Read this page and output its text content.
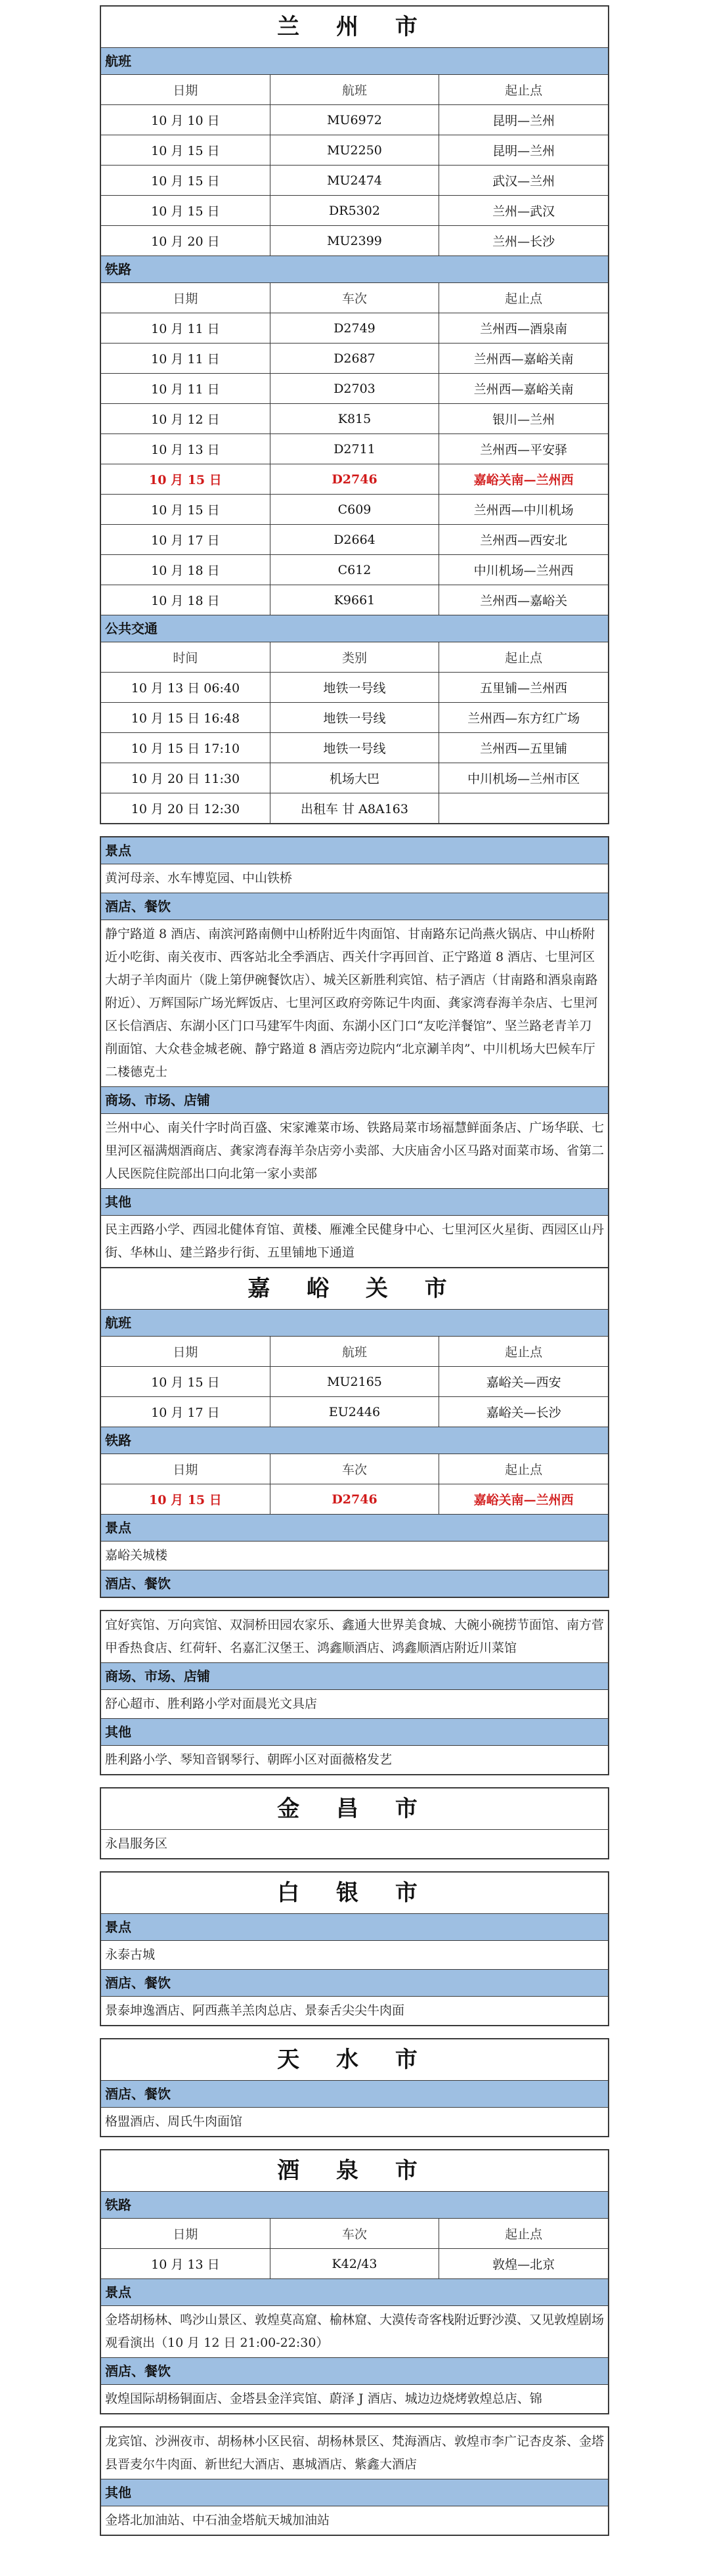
兰 州 市
航班
日期	航班	起止点
10 月 10 日	MU6972	昆明—兰州
10 月 15 日	MU2250	昆明—兰州
10 月 15 日	MU2474	武汉—兰州
10 月 15 日	DR5302	兰州—武汉
10 月 20 日	MU2399	兰州—长沙
铁路
日期	车次	起止点
10 月 11 日	D2749	兰州西—酒泉南
10 月 11 日	D2687	兰州西—嘉峪关南
10 月 11 日	D2703	兰州西—嘉峪关南
10 月 12 日	K815	银川—兰州
10 月 13 日	D2711	兰州西—平安驿
10 月 15 日	D2746	嘉峪关南—兰州西
10 月 15 日	C609	兰州西—中川机场
10 月 17 日	D2664	兰州西—西安北
10 月 18 日	C612	中川机场—兰州西
10 月 18 日	K9661	兰州西—嘉峪关
公共交通
时间	类别	起止点
10 月 13 日 06:40	地铁一号线	五里铺—兰州西
10 月 15 日 16:48	地铁一号线	兰州西—东方红广场
10 月 15 日 17:10	地铁一号线	兰州西—五里铺
10 月 20 日 11:30	机场大巴	中川机场—兰州市区
10 月 20 日 12:30	出租车 甘 A8A163	
景点
黄河母亲、水车博览园、中山铁桥
酒店、餐饮
静宁路道 8 酒店、南滨河路南侧中山桥附近牛肉面馆、甘南路东记尚燕火锅店、中山桥附近小吃街、南关夜市、西客站北全季酒店、西关什字再回首、正宁路道 8 酒店、七里河区大胡子羊肉面片（陇上第伊碗餐饮店）、城关区新胜利宾馆、桔子酒店（甘南路和酒泉南路附近）、万辉国际广场光辉饭店、七里河区政府旁陈记牛肉面、龚家湾春海羊杂店、七里河区长信酒店、东湖小区门口马建军牛肉面、东湖小区门口“友吃洋餐馆”、坚兰路老青羊刀削面馆、大众巷金城老碗、静宁路道 8 酒店旁边院内“北京涮羊肉”、中川机场大巴候车厅二楼德克士
商场、市场、店铺
兰州中心、南关什字时尚百盛、宋家滩菜市场、铁路局菜市场福慧鲜面条店、广场华联、七里河区福满烟酒商店、龚家湾春海羊杂店旁小卖部、大庆庙舍小区马路对面菜市场、省第二人民医院住院部出口向北第一家小卖部
其他
民主西路小学、西园北健体育馆、黄楼、雁滩全民健身中心、七里河区火星街、西园区山丹街、华林山、建兰路步行街、五里铺地下通道
嘉 峪 关 市
航班
日期	航班	起止点
10 月 15 日	MU2165	嘉峪关—西安
10 月 17 日	EU2446	嘉峪关—长沙
铁路
日期	车次	起止点
10 月 15 日	D2746	嘉峪关南—兰州西
景点
嘉峪关城楼
酒店、餐饮
宜好宾馆、万向宾馆、双洞桥田园农家乐、鑫通大世界美食城、大碗小碗捞节面馆、南方菅甲香热食店、红荷轩、名嘉汇汉堡王、鸿鑫顺酒店、鸿鑫顺酒店附近川菜馆
商场、市场、店铺
舒心超市、胜利路小学对面晨光文具店
其他
胜利路小学、琴知音钢琴行、朝晖小区对面薇格发艺
金 昌 市
永昌服务区
白 银 市
景点
永泰古城
酒店、餐饮
景泰坤逸酒店、阿西燕羊羔肉总店、景泰舌尖尖牛肉面
天 水 市
酒店、餐饮
格盟酒店、周氏牛肉面馆
酒 泉 市
铁路
日期	车次	起止点
10 月 13 日	K42/43	敦煌—北京
景点
金塔胡杨林、鸣沙山景区、敦煌莫高窟、榆林窟、大漠传奇客栈附近野沙漠、又见敦煌剧场观看演出（10 月 12 日 21:00-22:30）
酒店、餐饮
敦煌国际胡杨铜面店、金塔县金洋宾馆、蔚泽 J 酒店、城边边烧烤敦煌总店、锦
龙宾馆、沙洲夜市、胡杨林小区民宿、胡杨林景区、梵海酒店、敦煌市李广记杏皮茶、金塔县晋麦尔牛肉面、新世纪大酒店、惠城酒店、紫鑫大酒店
其他
金塔北加油站、中石油金塔航天城加油站
